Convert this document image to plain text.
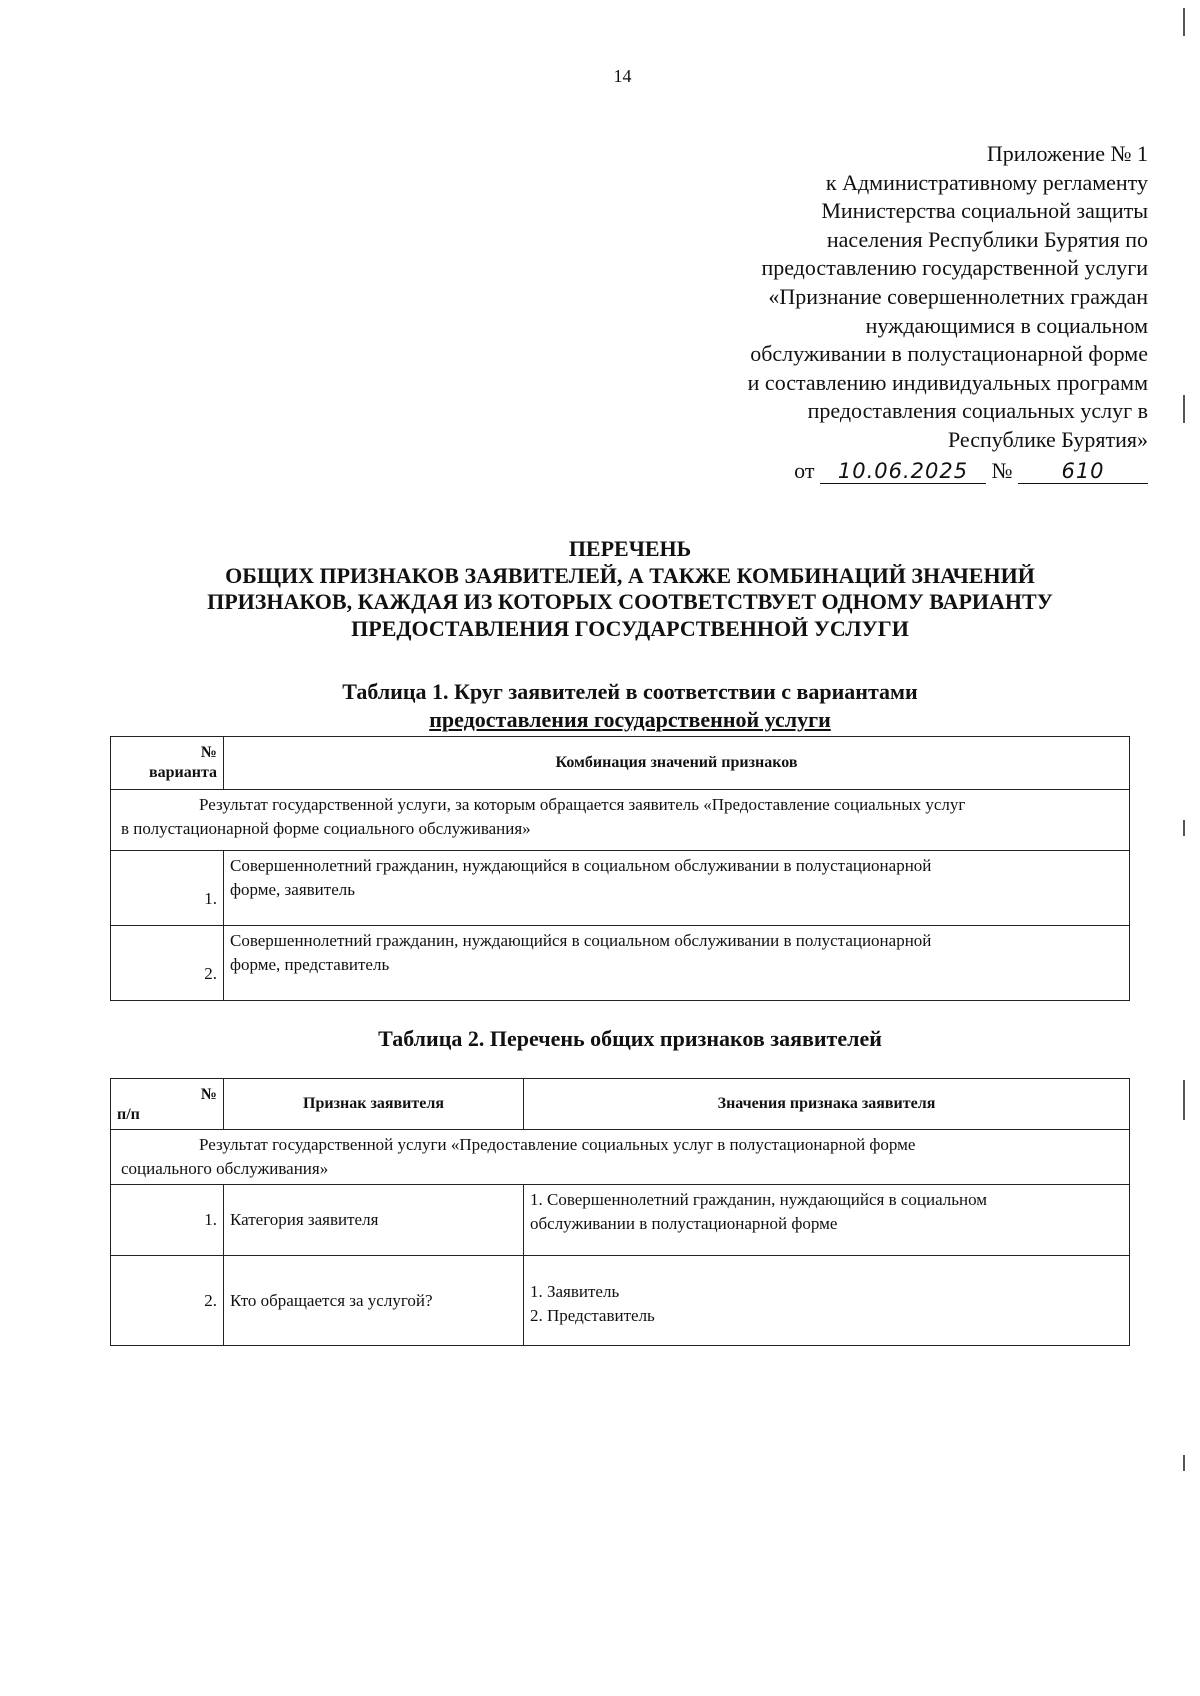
14
Приложение № 1
к Административному регламенту
Министерства социальной защиты
населения Республики Бурятия по
предоставлению государственной услуги
«Признание совершеннолетних граждан
нуждающимися в социальном
обслуживании в полустационарной форме
и составлению индивидуальных программ
предоставления социальных услуг в
Республике Бурятия»
от 10.06.2025 № 610
ПЕРЕЧЕНЬ
ОБЩИХ ПРИЗНАКОВ ЗАЯВИТЕЛЕЙ, А ТАКЖЕ КОМБИНАЦИЙ ЗНАЧЕНИЙ
ПРИЗНАКОВ, КАЖДАЯ ИЗ КОТОРЫХ СООТВЕТСТВУЕТ ОДНОМУ ВАРИАНТУ
ПРЕДОСТАВЛЕНИЯ ГОСУДАРСТВЕННОЙ УСЛУГИ
Таблица 1. Круг заявителей в соответствии с вариантами
предоставления государственной услуги
№
варианта	Комбинация значений признаков
Результат государственной услуги, за которым обращается заявитель «Предоставление социальных услуг
в полустационарной форме социального обслуживания»	

1.	Совершеннолетний гражданин, нуждающийся в социальном обслуживании в полустационарной
форме, заявитель
2.	Совершеннолетний гражданин, нуждающийся в социальном обслуживании в полустационарной
форме, представитель
Таблица 2. Перечень общих признаков заявителей
№
п/п	Признак заявителя	Значения признака заявителя
Результат государственной услуги «Предоставление социальных услуг в полустационарной форме
социального обслуживания»		
1.	Категория заявителя	1. Совершеннолетний гражданин, нуждающийся в социальном
обслуживании в полустационарной форме

2.	Кто обращается за услугой?	1. Заявитель
2. Представитель
